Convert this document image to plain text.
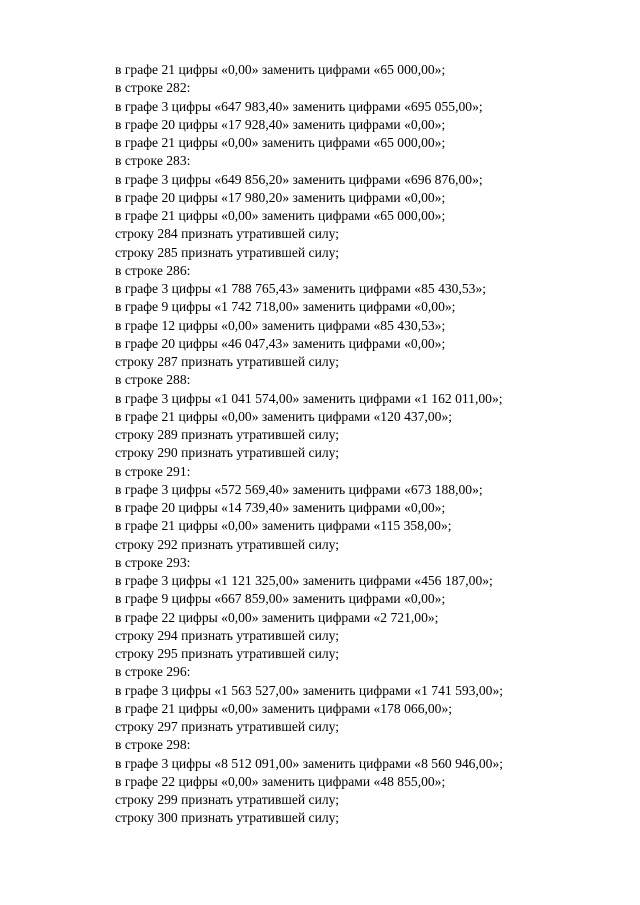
в графе 21 цифры «0,00» заменить цифрами «65 000,00»;
в строке 282:
в графе 3 цифры «647 983,40» заменить цифрами «695 055,00»;
в графе 20 цифры «17 928,40» заменить цифрами «0,00»;
в графе 21 цифры «0,00» заменить цифрами «65 000,00»;
в строке 283:
в графе 3 цифры «649 856,20» заменить цифрами «696 876,00»;
в графе 20 цифры «17 980,20» заменить цифрами «0,00»;
в графе 21 цифры «0,00» заменить цифрами «65 000,00»;
строку 284 признать утратившей силу;
строку 285 признать утратившей силу;
в строке 286:
в графе 3 цифры «1 788 765,43» заменить цифрами «85 430,53»;
в графе 9 цифры «1 742 718,00» заменить цифрами «0,00»;
в графе 12 цифры «0,00» заменить цифрами «85 430,53»;
в графе 20 цифры «46 047,43» заменить цифрами «0,00»;
строку 287 признать утратившей силу;
в строке 288:
в графе 3 цифры «1 041 574,00» заменить цифрами «1 162 011,00»;
в графе 21 цифры «0,00» заменить цифрами «120 437,00»;
строку 289 признать утратившей силу;
строку 290 признать утратившей силу;
в строке 291:
в графе 3 цифры «572 569,40» заменить цифрами «673 188,00»;
в графе 20 цифры «14 739,40» заменить цифрами «0,00»;
в графе 21 цифры «0,00» заменить цифрами «115 358,00»;
строку 292 признать утратившей силу;
в строке 293:
в графе 3 цифры «1 121 325,00» заменить цифрами «456 187,00»;
в графе 9 цифры «667 859,00» заменить цифрами «0,00»;
в графе 22 цифры «0,00» заменить цифрами «2 721,00»;
строку 294 признать утратившей силу;
строку 295 признать утратившей силу;
в строке 296:
в графе 3 цифры «1 563 527,00» заменить цифрами «1 741 593,00»;
в графе 21 цифры «0,00» заменить цифрами «178 066,00»;
строку 297 признать утратившей силу;
в строке 298:
в графе 3 цифры «8 512 091,00» заменить цифрами «8 560 946,00»;
в графе 22 цифры «0,00» заменить цифрами «48 855,00»;
строку 299 признать утратившей силу;
строку 300 признать утратившей силу;
